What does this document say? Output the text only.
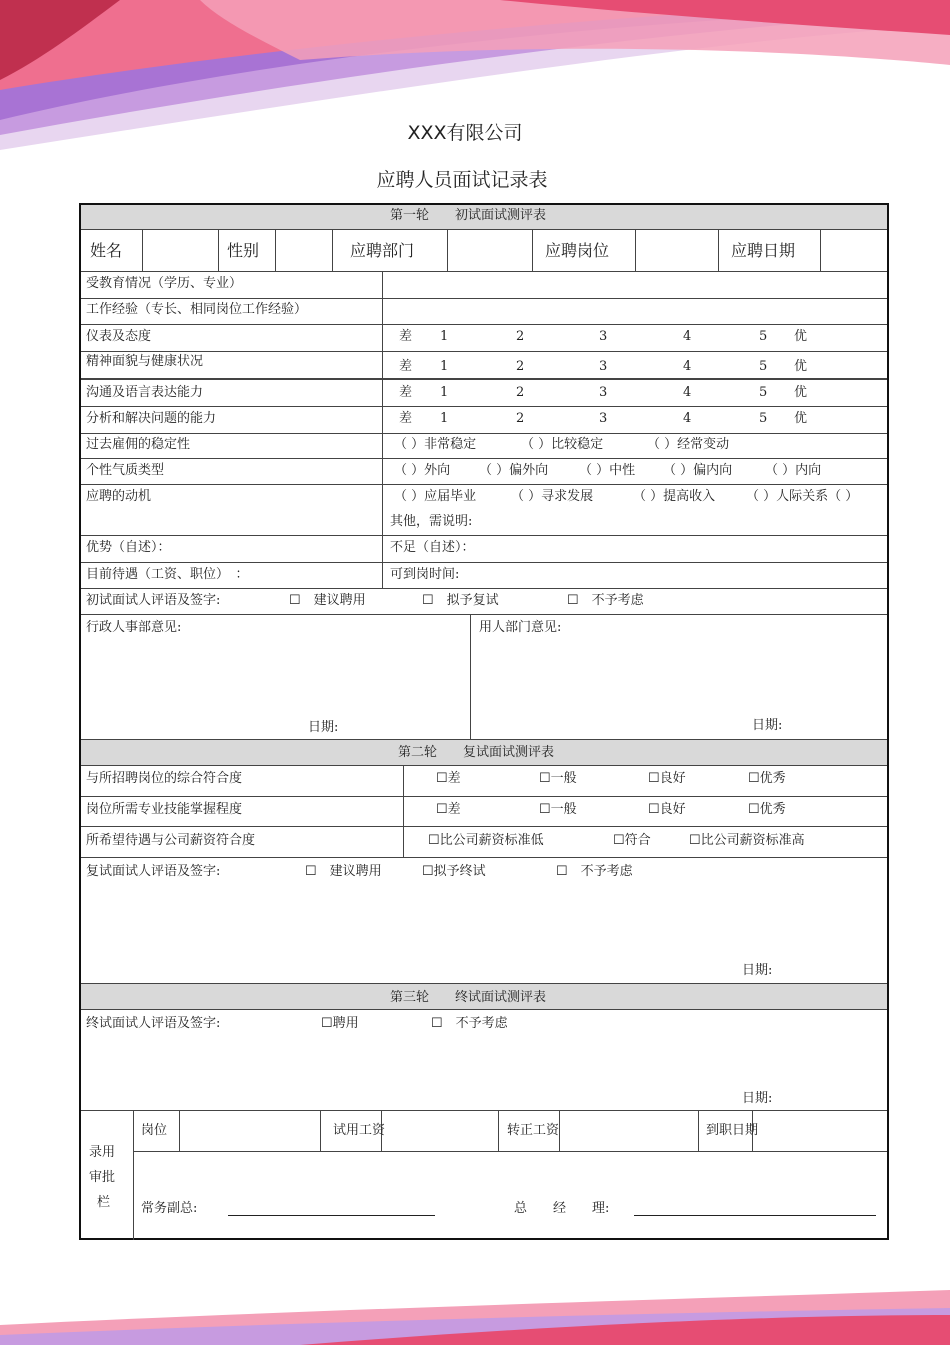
XXX有限公司
应聘人员面试记录表
第一轮　　初试面试测评表
姓名	性别	应聘部门	应聘岗位	应聘日期
受教育情况（学历、专业）
工作经验（专长、相同岗位工作经验）
仪表及态度	差 1	2	3	4	5 优
精神面貌与健康状况	差 1	2	3	4	5 优
沟通及语言表达能力	差 1	2	3	4	5 优
分析和解决问题的能力	差 1	2	3	4	5 优
过去雇佣的稳定性	（ ）非常稳定	（ ）比较稳定	（ ）经常变动
个性气质类型	（ ）外向 （ ）偏外向 （ ）中性 （ ）偏内向	（ ）内向
应聘的动机	（ ）应届毕业	（ ）寻求发展	（ ）提高收入 （ ）人际关系（ ）
其他，需说明:
优势（自述）：	不足（自述）：
目前待遇（工资、职位）　：	可到岗时间:
初试面试人评语及签字:	☐　建议聘用	☐　拟予复试	☐　不予考虑
行政人事部意见:	用人部门意见:
日期:	日期:
第二轮　　复试面试测评表
与所招聘岗位的综合符合度	☐差	☐一般	☐良好	☐优秀
岗位所需专业技能掌握程度	☐差	☐一般	☐良好	☐优秀
所希望待遇与公司薪资符合度	☐比公司薪资标准低	☐符合	☐比公司薪资标准高
复试面试人评语及签字:	☐　建议聘用	☐拟予终试	☐　不予考虑
日期:
第三轮　　终试面试测评表
终试面试人评语及签字:	☐聘用	☐　不予考虑
日期:
录用
审批
栏
岗位	试用工资	转正工资	到职日期
常务副总:	总　　经　　理:
